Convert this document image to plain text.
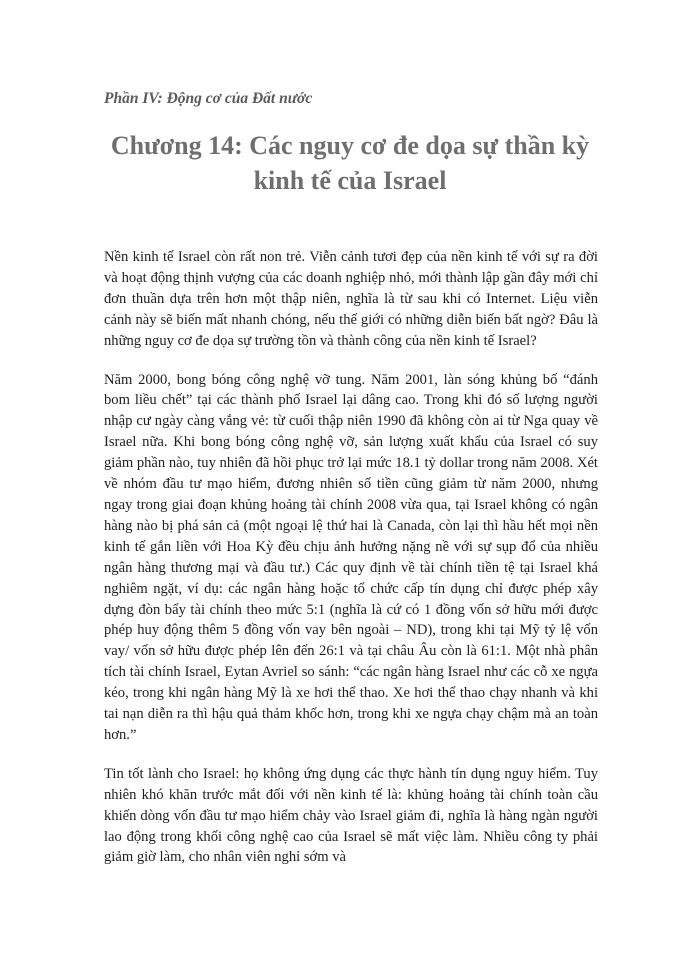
Phần IV: Động cơ của Đất nước

Chương 14: Các nguy cơ đe dọa sự thần kỳ
kinh tế của Israel

Nền kinh tế Israel còn rất non trẻ. Viễn cảnh tươi đẹp của nền kinh tế với sự ra đời và hoạt động thịnh vượng của các doanh nghiệp nhỏ, mới thành lập gần đây mới chỉ đơn thuần dựa trên hơn một thập niên, nghĩa là từ sau khi có Internet. Liệu viễn cảnh này sẽ biến mất nhanh chóng, nếu thế giới có những diễn biến bất ngờ? Đâu là những nguy cơ đe dọa sự trường tồn và thành công của nền kinh tế Israel?

Năm 2000, bong bóng công nghệ vỡ tung. Năm 2001, làn sóng khủng bố “đánh bom liều chết” tại các thành phố Israel lại dâng cao. Trong khi đó số lượng người nhập cư ngày càng vắng vẻ: từ cuối thập niên 1990 đã không còn ai từ Nga quay về Israel nữa. Khi bong bóng công nghệ vỡ, sản lượng xuất khẩu của Israel có suy giảm phần nào, tuy nhiên đã hồi phục trở lại mức 18.1 tỷ dollar trong năm 2008. Xét về nhóm đầu tư mạo hiểm, đương nhiên số tiền cũng giảm từ năm 2000, nhưng ngay trong giai đoạn khủng hoảng tài chính 2008 vừa qua, tại Israel không có ngân hàng nào bị phá sản cả (một ngoại lệ thứ hai là Canada, còn lại thì hầu hết mọi nền kinh tế gắn liền với Hoa Kỳ đều chịu ảnh hưởng nặng nề với sự sụp đổ của nhiều ngân hàng thương mại và đầu tư.) Các quy định về tài chính tiền tệ tại Israel khá nghiêm ngặt, ví dụ: các ngân hàng hoặc tổ chức cấp tín dụng chỉ được phép xây dựng đòn bẩy tài chính theo mức 5:1 (nghĩa là cứ có 1 đồng vốn sở hữu mới được phép huy động thêm 5 đồng vốn vay bên ngoài – ND), trong khi tại Mỹ tỷ lệ vốn vay/ vốn sở hữu được phép lên đến 26:1 và tại châu Âu còn là 61:1. Một nhà phân tích tài chính Israel, Eytan Avriel so sánh: “các ngân hàng Israel như các cỗ xe ngựa kéo, trong khi ngân hàng Mỹ là xe hơi thể thao. Xe hơi thể thao chạy nhanh và khi tai nạn diễn ra thì hậu quả thảm khốc hơn, trong khi xe ngựa chạy chậm mà an toàn hơn.”

Tin tốt lành cho Israel: họ không ứng dụng các thực hành tín dụng nguy hiểm. Tuy nhiên khó khăn trước mắt đối với nền kinh tế là: khủng hoảng tài chính toàn cầu khiến dòng vốn đầu tư mạo hiểm chảy vào Israel giảm đi, nghĩa là hàng ngàn người lao động trong khối công nghệ cao của Israel sẽ mất việc làm. Nhiều công ty phải giảm giờ làm, cho nhân viên nghỉ sớm và
